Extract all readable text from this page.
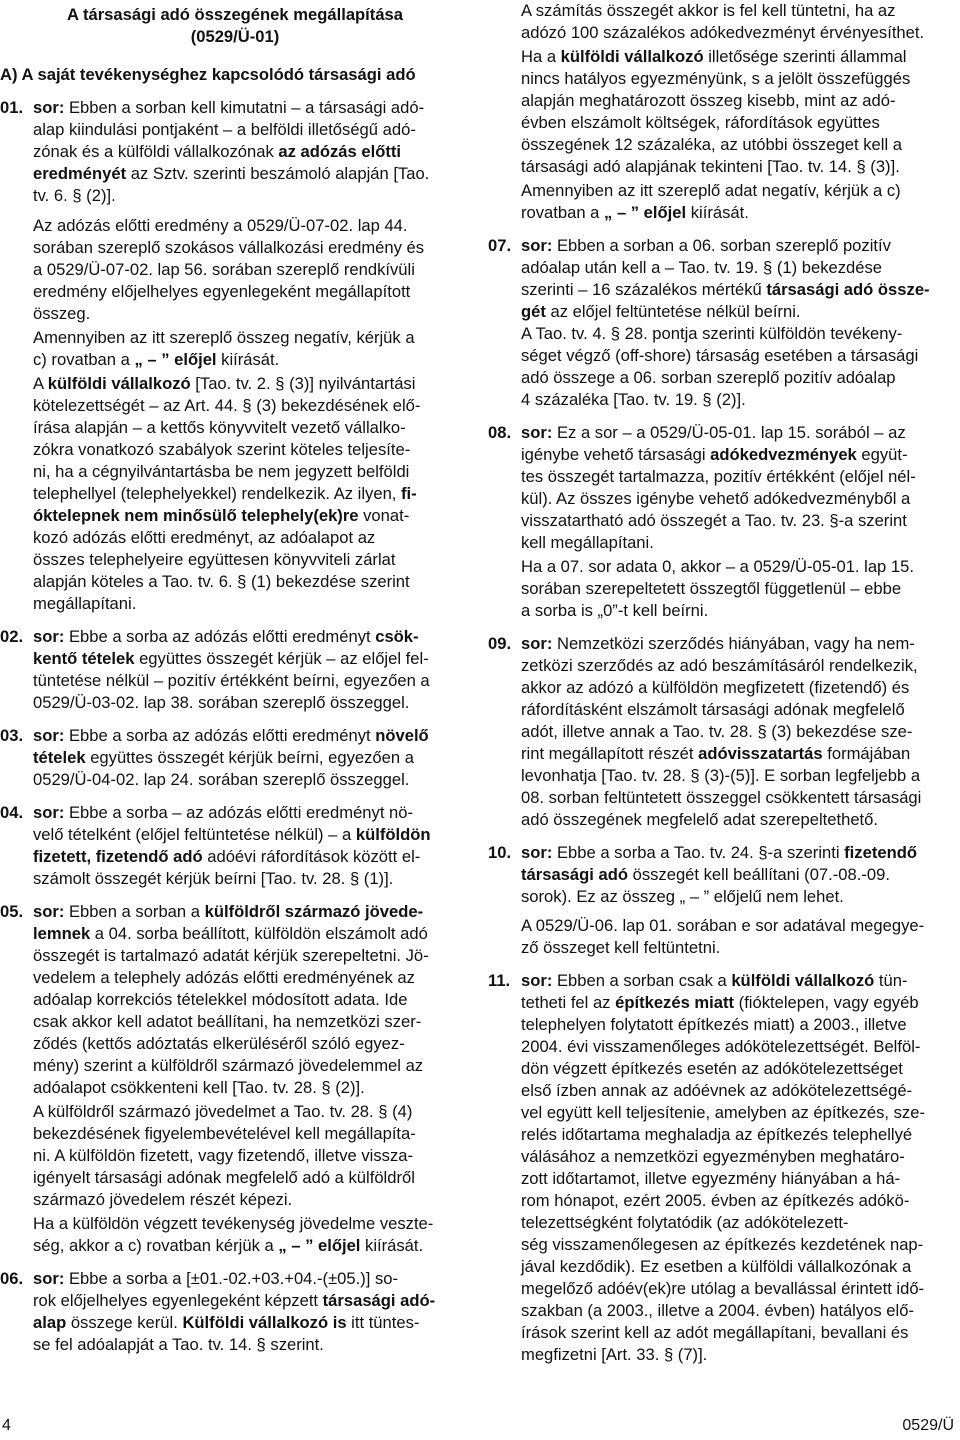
A társasági adó összegének megállapítása
(0529/Ü-01)
A) A saját tevékenységhez kapcsolódó társasági adó
01. sor: Ebben a sorban kell kimutatni – a társasági adó-
alap kiindulási pontjaként – a belföldi illetőségű adó-
zónak és a külföldi vállalkozónak az adózás előtti
eredményét az Sztv. szerinti beszámoló alapján [Tao.
tv. 6. § (2)].
Az adózás előtti eredmény a 0529/Ü-07-02. lap 44.
sorában szereplő szokásos vállalkozási eredmény és
a 0529/Ü-07-02. lap 56. sorában szereplő rendkívüli
eredmény előjelhelyes egyenlegeként megállapított
összeg.
Amennyiben az itt szereplő összeg negatív, kérjük a
c) rovatban a „ – ” előjel kiírását.
A külföldi vállalkozó [Tao. tv. 2. § (3)] nyilvántartási
kötelezettségét – az Art. 44. § (3) bekezdésének elő-
írása alapján – a kettős könyvvitelt vezető vállalko-
zókra vonatkozó szabályok szerint köteles teljesíte-
ni, ha a cégnyilvántartásba be nem jegyzett belföldi
telephellyel (telephelyekkel) rendelkezik. Az ilyen, fi-
óktelepnek nem minősülő telephely(ek)re vonat-
kozó adózás előtti eredményt, az adóalapot az
összes telephelyeire együttesen könyvviteli zárlat
alapján köteles a Tao. tv. 6. § (1) bekezdése szerint
megállapítani.
02. sor: Ebbe a sorba az adózás előtti eredményt csök-
kentő tételek együttes összegét kérjük – az előjel fel-
tüntetése nélkül – pozitív értékként beírni, egyezően a
0529/Ü-03-02. lap 38. sorában szereplő összeggel.
03. sor: Ebbe a sorba az adózás előtti eredményt növelő
tételek együttes összegét kérjük beírni, egyezően a
0529/Ü-04-02. lap 24. sorában szereplő összeggel.
04. sor: Ebbe a sorba – az adózás előtti eredményt nö-
velő tételként (előjel feltüntetése nélkül) – a külföldön
fizetett, fizetendő adó adóévi ráfordítások között el-
számolt összegét kérjük beírni [Tao. tv. 28. § (1)].
05. sor: Ebben a sorban a külföldről származó jövede-
lemnek a 04. sorba beállított, külföldön elszámolt adó
összegét is tartalmazó adatát kérjük szerepeltetni. Jö-
vedelem a telephely adózás előtti eredményének az
adóalap korrekciós tételekkel módosított adata. Ide
csak akkor kell adatot beállítani, ha nemzetközi szer-
ződés (kettős adóztatás elkerüléséről szóló egyez-
mény) szerint a külföldről származó jövedelemmel az
adóalapot csökkenteni kell [Tao. tv. 28. § (2)].
A külföldről származó jövedelmet a Tao. tv. 28. § (4)
bekezdésének figyelembevételével kell megállapíta-
ni. A külföldön fizetett, vagy fizetendő, illetve vissza-
igényelt társasági adónak megfelelő adó a külföldről
származó jövedelem részét képezi.
Ha a külföldön végzett tevékenység jövedelme veszte-
ség, akkor a c) rovatban kérjük a „ – ” előjel kiírását.
06. sor: Ebbe a sorba a [±01.-02.+03.+04.-(±05.)] so-
rok előjelhelyes egyenlegeként képzett társasági adó-
alap összege kerül. Külföldi vállalkozó is itt tüntes-
se fel adóalapját a Tao. tv. 14. § szerint.
A számítás összegét akkor is fel kell tüntetni, ha az
adózó 100 százalékos adókedvezményt érvényesíthet.
Ha a külföldi vállalkozó illetősége szerinti állammal
nincs hatályos egyezményünk, s a jelölt összefüggés
alapján meghatározott összeg kisebb, mint az adó-
évben elszámolt költségek, ráfordítások együttes
összegének 12 százaléka, az utóbbi összeget kell a
társasági adó alapjának tekinteni [Tao. tv. 14. § (3)].
Amennyiben az itt szereplő adat negatív, kérjük a c)
rovatban a „ – ” előjel kiírását.
07. sor: Ebben a sorban a 06. sorban szereplő pozitív
adóalap után kell a – Tao. tv. 19. § (1) bekezdése
szerinti – 16 százalékos mértékű társasági adó össze-
gét az előjel feltüntetése nélkül beírni.
A Tao. tv. 4. § 28. pontja szerinti külföldön tevékeny-
séget végző (off-shore) társaság esetében a társasági
adó összege a 06. sorban szereplő pozitív adóalap
4 százaléka [Tao. tv. 19. § (2)].
08. sor: Ez a sor – a 0529/Ü-05-01. lap 15. sorából – az
igénybe vehető társasági adókedvezmények együt-
tes összegét tartalmazza, pozitív értékként (előjel nél-
kül). Az összes igénybe vehető adókedvezményből a
visszatartható adó összegét a Tao. tv. 23. §-a szerint
kell megállapítani.
Ha a 07. sor adata 0, akkor – a 0529/Ü-05-01. lap 15.
sorában szerepeltetett összegtől függetlenül – ebbe
a sorba is „0”-t kell beírni.
09. sor: Nemzetközi szerződés hiányában, vagy ha nem-
zetközi szerződés az adó beszámításáról rendelkezik,
akkor az adózó a külföldön megfizetett (fizetendő) és
ráfordításként elszámolt társasági adónak megfelelő
adót, illetve annak a Tao. tv. 28. § (3) bekezdése sze-
rint megállapított részét adóvisszatartás formájában
levonhatja [Tao. tv. 28. § (3)-(5)]. E sorban legfeljebb a
08. sorban feltüntetett összeggel csökkentett társasági
adó összegének megfelelő adat szerepeltethető.
10. sor: Ebbe a sorba a Tao. tv. 24. §-a szerinti fizetendő
társasági adó összegét kell beállítani (07.-08.-09.
sorok). Ez az összeg „ – ” előjelű nem lehet.
A 0529/Ü-06. lap 01. sorában e sor adatával megegye-
ző összeget kell feltüntetni.
11. sor: Ebben a sorban csak a külföldi vállalkozó tün-
tetheti fel az építkezés miatt (fióktelepen, vagy egyéb
telephelyen folytatott építkezés miatt) a 2003., illetve
2004. évi visszamenőleges adókötelezettségét. Belföl-
dön végzett építkezés esetén az adókötelezettséget
első ízben annak az adóévnek az adókötelezettségé-
vel együtt kell teljesítenie, amelyben az építkezés, sze-
relés időtartama meghaladja az építkezés telephellyé
válásához a nemzetközi egyezményben meghatáro-
zott időtartamot, illetve egyezmény hiányában a há-
rom hónapot, ezért 2005. évben az építkezés adókö-
telezettségként folytatódik (az adókötelezett-
ség visszamenőlegesen az építkezés kezdetének nap-
jával kezdődik). Ez esetben a külföldi vállalkozónak a
megelőző adóév(ek)re utólag a bevallással érintett idő-
szakban (a 2003., illetve a 2004. évben) hatályos elő-
írások szerint kell az adót megállapítani, bevallani és
megfizetni [Art. 33. § (7)].
4	0529/Ü
